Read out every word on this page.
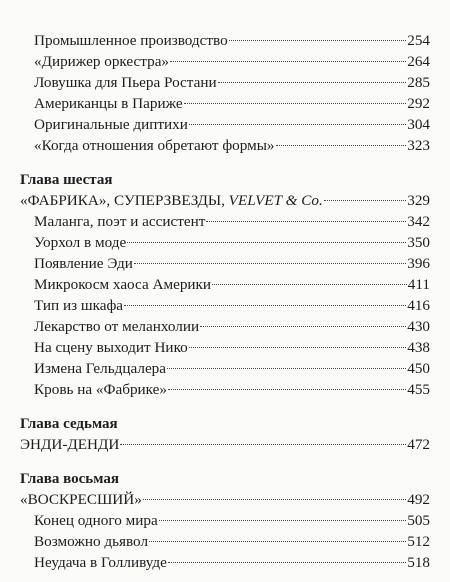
Промышленное производство	254
«Дирижер оркестра»	264
Ловушка для Пьера Ростани	285
Американцы в Париже	292
Оригинальные диптихи	304
«Когда отношения обретают формы»	323
Глава шестая
«ФАБРИКА», СУПЕРЗВЕЗДЫ, VELVET & Co.	329
Маланга, поэт и ассистент	342
Уорхол в моде	350
Появление Эди	396
Микрокосм хаоса Америки	411
Тип из шкафа	416
Лекарство от меланхолии	430
На сцену выходит Нико	438
Измена Гельдцалера	450
Кровь на «Фабрике»	455
Глава седьмая
ЭНДИ-ДЕНДИ	472
Глава восьмая
«ВОСКРЕСШИЙ»	492
Конец одного мира	505
Возможно дьявол	512
Неудача в Голливуде	518
